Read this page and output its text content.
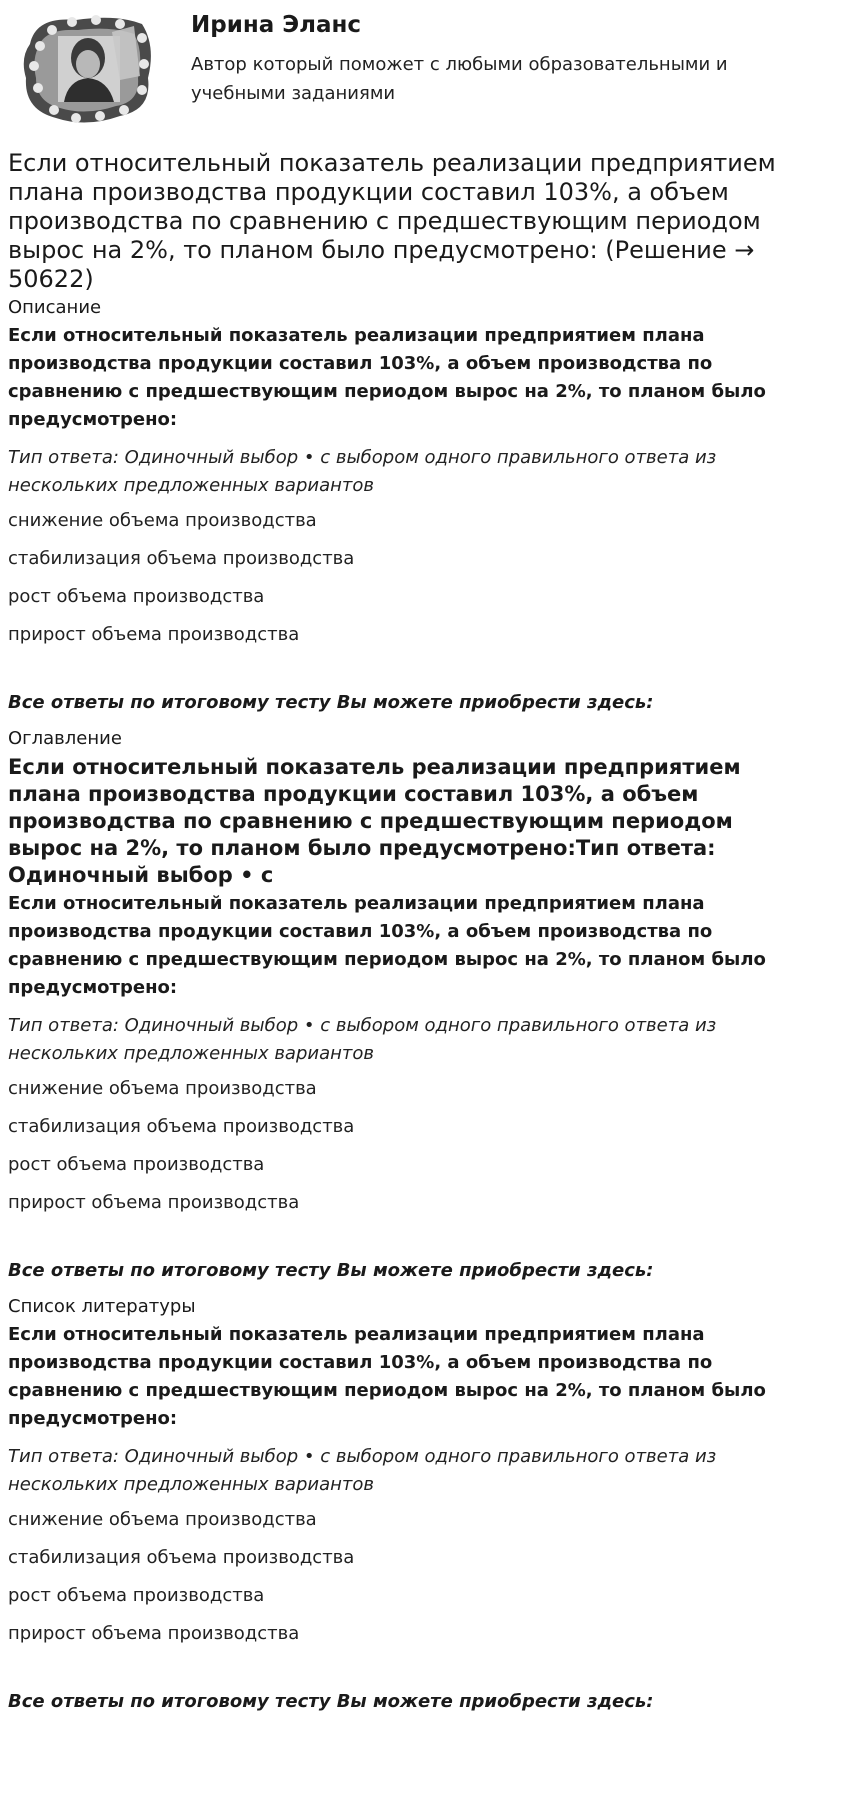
Ирина Эланс
Автор который поможет с любыми образовательными и учебными заданиями
Если относительный показатель реализации предприятием плана производства продукции составил 103%, а объем производства по сравнению с предшествующим периодом вырос на 2%, то планом было предусмотрено: (Решение → 50622)
Описание
Если относительный показатель реализации предприятием плана производства продукции составил 103%, а объем производства по сравнению с предшествующим периодом вырос на 2%, то планом было предусмотрено:
Тип ответа: Одиночный выбор • с выбором одного правильного ответа из нескольких предложенных вариантов
снижение объема производства
стабилизация объема производства
рост объема производства
прирост объема производства
Все ответы по итоговому тесту Вы можете приобрести здесь:
Оглавление
Если относительный показатель реализации предприятием плана производства продукции составил 103%, а объем производства по сравнению с предшествующим периодом вырос на 2%, то планом было предусмотрено:Тип ответа: Одиночный выбор • с
Если относительный показатель реализации предприятием плана производства продукции составил 103%, а объем производства по сравнению с предшествующим периодом вырос на 2%, то планом было предусмотрено:
Тип ответа: Одиночный выбор • с выбором одного правильного ответа из нескольких предложенных вариантов
снижение объема производства
стабилизация объема производства
рост объема производства
прирост объема производства
Все ответы по итоговому тесту Вы можете приобрести здесь:
Список литературы
Если относительный показатель реализации предприятием плана производства продукции составил 103%, а объем производства по сравнению с предшествующим периодом вырос на 2%, то планом было предусмотрено:
Тип ответа: Одиночный выбор • с выбором одного правильного ответа из нескольких предложенных вариантов
снижение объема производства
стабилизация объема производства
рост объема производства
прирост объема производства
Все ответы по итоговому тесту Вы можете приобрести здесь:
